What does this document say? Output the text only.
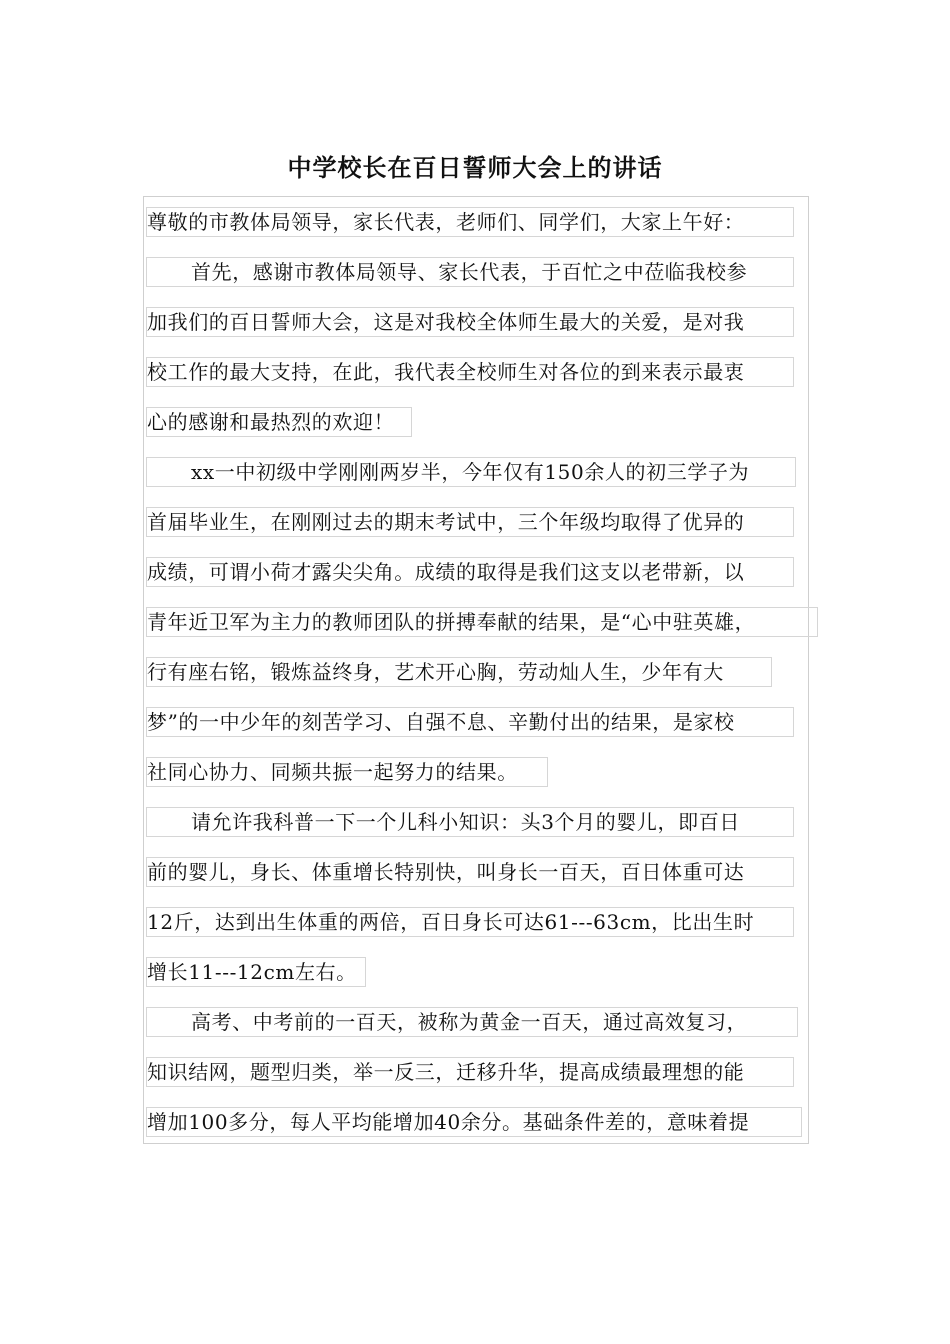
中学校长在百日誓师大会上的讲话
尊敬的市教体局领导，家长代表，老师们、同学们，大家上午好：
首先，感谢市教体局领导、家长代表，于百忙之中莅临我校参
加我们的百日誓师大会，这是对我校全体师生最大的关爱，是对我
校工作的最大支持，在此，我代表全校师生对各位的到来表示最衷
心的感谢和最热烈的欢迎！
xx一中初级中学刚刚两岁半，今年仅有150余人的初三学子为
首届毕业生，在刚刚过去的期末考试中，三个年级均取得了优异的
成绩，可谓小荷才露尖尖角。成绩的取得是我们这支以老带新，以
青年近卫军为主力的教师团队的拼搏奉献的结果，是“心中驻英雄，
行有座右铭，锻炼益终身，艺术开心胸，劳动灿人生，少年有大
梦”的一中少年的刻苦学习、自强不息、辛勤付出的结果，是家校
社同心协力、同频共振一起努力的结果。
请允许我科普一下一个儿科小知识：头3个月的婴儿，即百日
前的婴儿，身长、体重增长特别快，叫身长一百天，百日体重可达
12斤，达到出生体重的两倍，百日身长可达61---63cm，比出生时
增长11---12cm左右。
高考、中考前的一百天，被称为黄金一百天，通过高效复习，
知识结网，题型归类，举一反三，迁移升华，提高成绩最理想的能
增加100多分，每人平均能增加40余分。基础条件差的，意味着提
